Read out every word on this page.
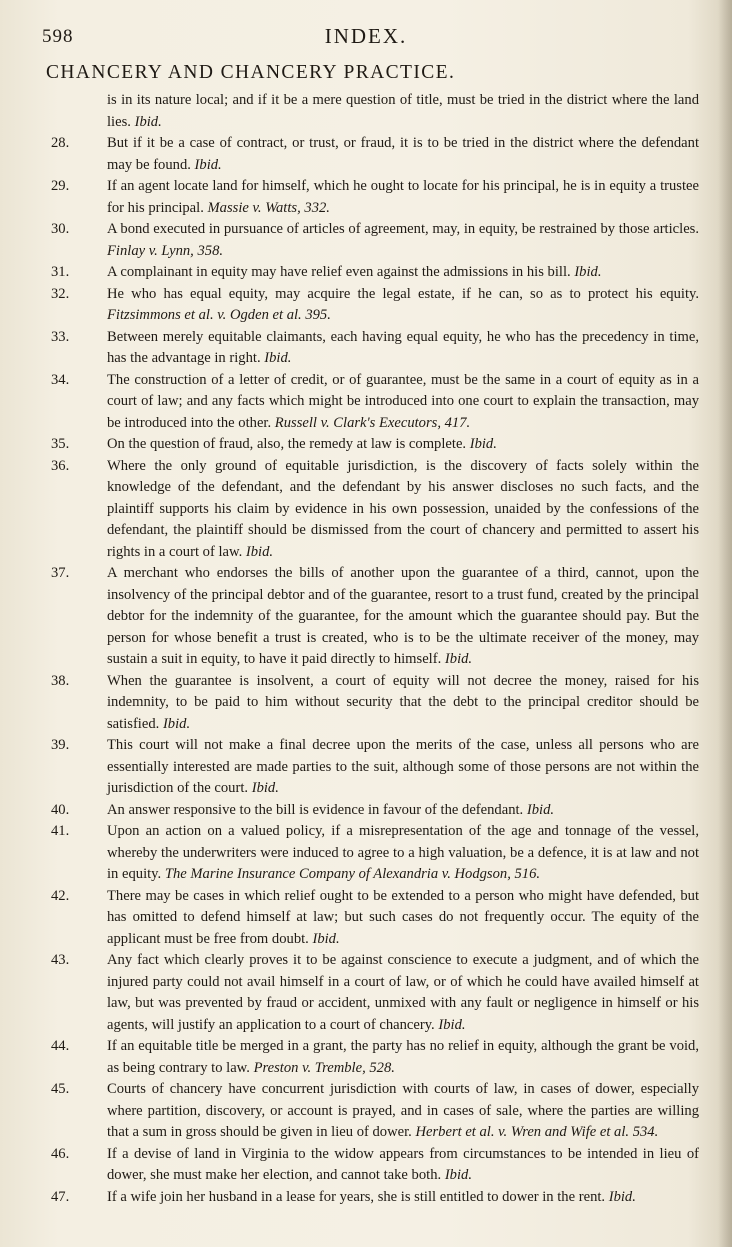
598	INDEX.
CHANCERY AND CHANCERY PRACTICE.
is in its nature local; and if it be a mere question of title, must be tried in the district where the land lies. Ibid.
28.	But if it be a case of contract, or trust, or fraud, it is to be tried in the district where the defendant may be found. Ibid.
29.	If an agent locate land for himself, which he ought to locate for his principal, he is in equity a trustee for his principal. Massie v. Watts, 332.
30.	A bond executed in pursuance of articles of agreement, may, in equity, be restrained by those articles. Finlay v. Lynn, 358.
31.	A complainant in equity may have relief even against the admissions in his bill. Ibid.
32.	He who has equal equity, may acquire the legal estate, if he can, so as to protect his equity. Fitzsimmons et al. v. Ogden et al. 395.
33.	Between merely equitable claimants, each having equal equity, he who has the precedency in time, has the advantage in right. Ibid.
34.	The construction of a letter of credit, or of guarantee, must be the same in a court of equity as in a court of law; and any facts which might be introduced into one court to explain the transaction, may be introduced into the other. Russell v. Clark's Executors, 417.
35.	On the question of fraud, also, the remedy at law is complete. Ibid.
36.	Where the only ground of equitable jurisdiction, is the discovery of facts solely within the knowledge of the defendant, and the defendant by his answer discloses no such facts, and the plaintiff supports his claim by evidence in his own possession, unaided by the confessions of the defendant, the plaintiff should be dismissed from the court of chancery and permitted to assert his rights in a court of law. Ibid.
37.	A merchant who endorses the bills of another upon the guarantee of a third, cannot, upon the insolvency of the principal debtor and of the guarantee, resort to a trust fund, created by the principal debtor for the indemnity of the guarantee, for the amount which the guarantee should pay. But the person for whose benefit a trust is created, who is to be the ultimate receiver of the money, may sustain a suit in equity, to have it paid directly to himself. Ibid.
38.	When the guarantee is insolvent, a court of equity will not decree the money, raised for his indemnity, to be paid to him without security that the debt to the principal creditor should be satisfied. Ibid.
39.	This court will not make a final decree upon the merits of the case, unless all persons who are essentially interested are made parties to the suit, although some of those persons are not within the jurisdiction of the court. Ibid.
40.	An answer responsive to the bill is evidence in favour of the defendant. Ibid.
41.	Upon an action on a valued policy, if a misrepresentation of the age and tonnage of the vessel, whereby the underwriters were induced to agree to a high valuation, be a defence, it is at law and not in equity. The Marine Insurance Company of Alexandria v. Hodgson, 516.
42.	There may be cases in which relief ought to be extended to a person who might have defended, but has omitted to defend himself at law; but such cases do not frequently occur. The equity of the applicant must be free from doubt. Ibid.
43.	Any fact which clearly proves it to be against conscience to execute a judgment, and of which the injured party could not avail himself in a court of law, or of which he could have availed himself at law, but was prevented by fraud or accident, unmixed with any fault or negligence in himself or his agents, will justify an application to a court of chancery. Ibid.
44.	If an equitable title be merged in a grant, the party has no relief in equity, although the grant be void, as being contrary to law. Preston v. Tremble, 528.
45.	Courts of chancery have concurrent jurisdiction with courts of law, in cases of dower, especially where partition, discovery, or account is prayed, and in cases of sale, where the parties are willing that a sum in gross should be given in lieu of dower. Herbert et al. v. Wren and Wife et al. 534.
46.	If a devise of land in Virginia to the widow appears from circumstances to be intended in lieu of dower, she must make her election, and cannot take both. Ibid.
47.	If a wife join her husband in a lease for years, she is still entitled to dower in the rent. Ibid.
